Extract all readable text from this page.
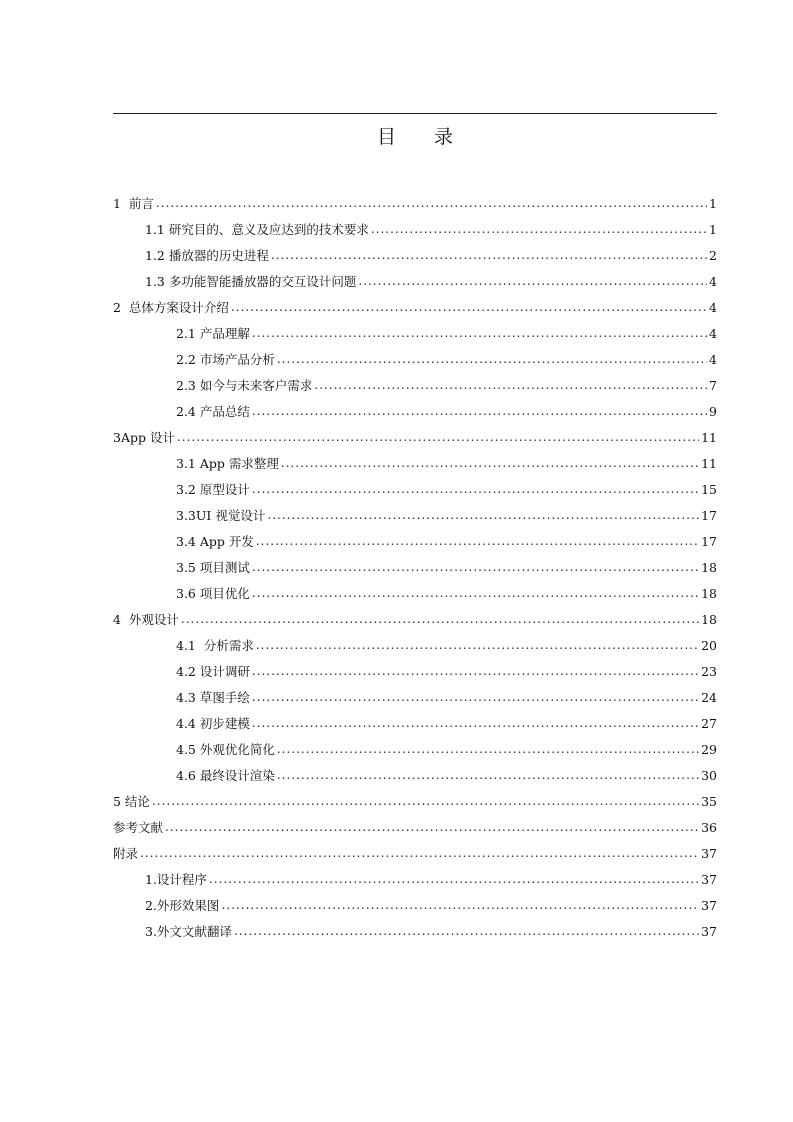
目 录
1  前言 .....	1
1.1 研究目的、意义及应达到的技术要求 .....	1
1.2 播放器的历史进程 .....	2
1.3 多功能智能播放器的交互设计问题 .....	4
2  总体方案设计介绍 .....	4
2.1 产品理解 .....	4
2.2 市场产品分析 .....	4
2.3 如今与未来客户需求 .....	7
2.4 产品总结 .....	9
3App 设计 .....	11
3.1 App 需求整理 .....	11
3.2 原型设计 .....	15
3.3UI 视觉设计 .....	17
3.4 App 开发 .....	17
3.5 项目测试 .....	18
3.6 项目优化 .....	18
4  外观设计 .....	18
4.1  分析需求 .....	20
4.2 设计调研 .....	23
4.3 草图手绘 .....	24
4.4 初步建模 .....	27
4.5 外观优化简化 .....	29
4.6 最终设计渲染 .....	30
5 结论 .....	35
参考文献 .....	36
附录 .....	37
1.设计程序 .....	37
2.外形效果图 .....	37
3.外文文献翻译 .....	37
